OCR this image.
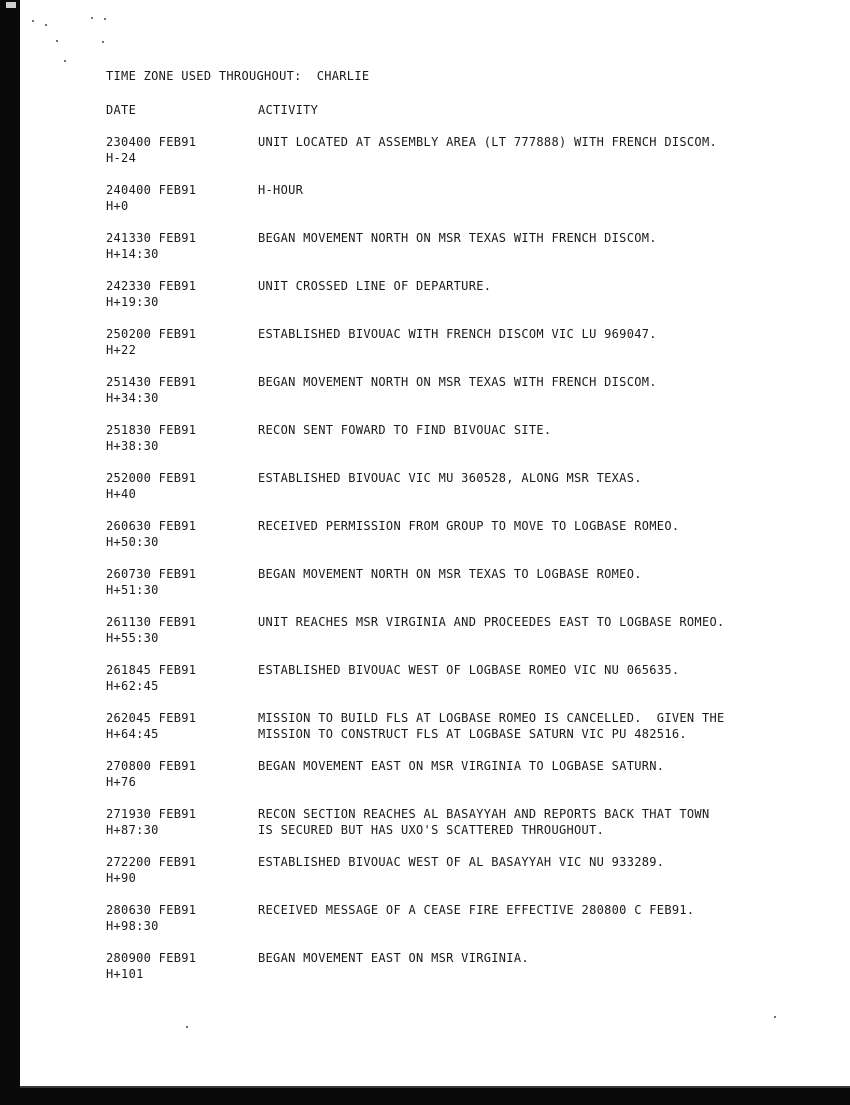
TIME ZONE USED THROUGHOUT: CHARLIE
DATE	ACTIVITY
230400 FEB91
H-24
UNIT LOCATED AT ASSEMBLY AREA (LT 777888) WITH FRENCH DISCOM.
240400 FEB91
H+0
H-HOUR
241330 FEB91
H+14:30
BEGAN MOVEMENT NORTH ON MSR TEXAS WITH FRENCH DISCOM.
242330 FEB91
H+19:30
UNIT CROSSED LINE OF DEPARTURE.
250200 FEB91
H+22
ESTABLISHED BIVOUAC WITH FRENCH DISCOM VIC LU 969047.
251430 FEB91
H+34:30
BEGAN MOVEMENT NORTH ON MSR TEXAS WITH FRENCH DISCOM.
251830 FEB91
H+38:30
RECON SENT FOWARD TO FIND BIVOUAC SITE.
252000 FEB91
H+40
ESTABLISHED BIVOUAC VIC MU 360528, ALONG MSR TEXAS.
260630 FEB91
H+50:30
RECEIVED PERMISSION FROM GROUP TO MOVE TO LOGBASE ROMEO.
260730 FEB91
H+51:30
BEGAN MOVEMENT NORTH ON MSR TEXAS TO LOGBASE ROMEO.
261130 FEB91
H+55:30
UNIT REACHES MSR VIRGINIA AND PROCEEDES EAST TO LOGBASE ROMEO.
261845 FEB91
H+62:45
ESTABLISHED BIVOUAC WEST OF LOGBASE ROMEO VIC NU 065635.
262045 FEB91
H+64:45
MISSION TO BUILD FLS AT LOGBASE ROMEO IS CANCELLED.  GIVEN THE
MISSION TO CONSTRUCT FLS AT LOGBASE SATURN VIC PU 482516.
270800 FEB91
H+76
BEGAN MOVEMENT EAST ON MSR VIRGINIA TO LOGBASE SATURN.
271930 FEB91
H+87:30
RECON SECTION REACHES AL BASAYYAH AND REPORTS BACK THAT TOWN
IS SECURED BUT HAS UXO'S SCATTERED THROUGHOUT.
272200 FEB91
H+90
ESTABLISHED BIVOUAC WEST OF AL BASAYYAH VIC NU 933289.
280630 FEB91
H+98:30
RECEIVED MESSAGE OF A CEASE FIRE EFFECTIVE 280800 C FEB91.
280900 FEB91
H+101
BEGAN MOVEMENT EAST ON MSR VIRGINIA.
